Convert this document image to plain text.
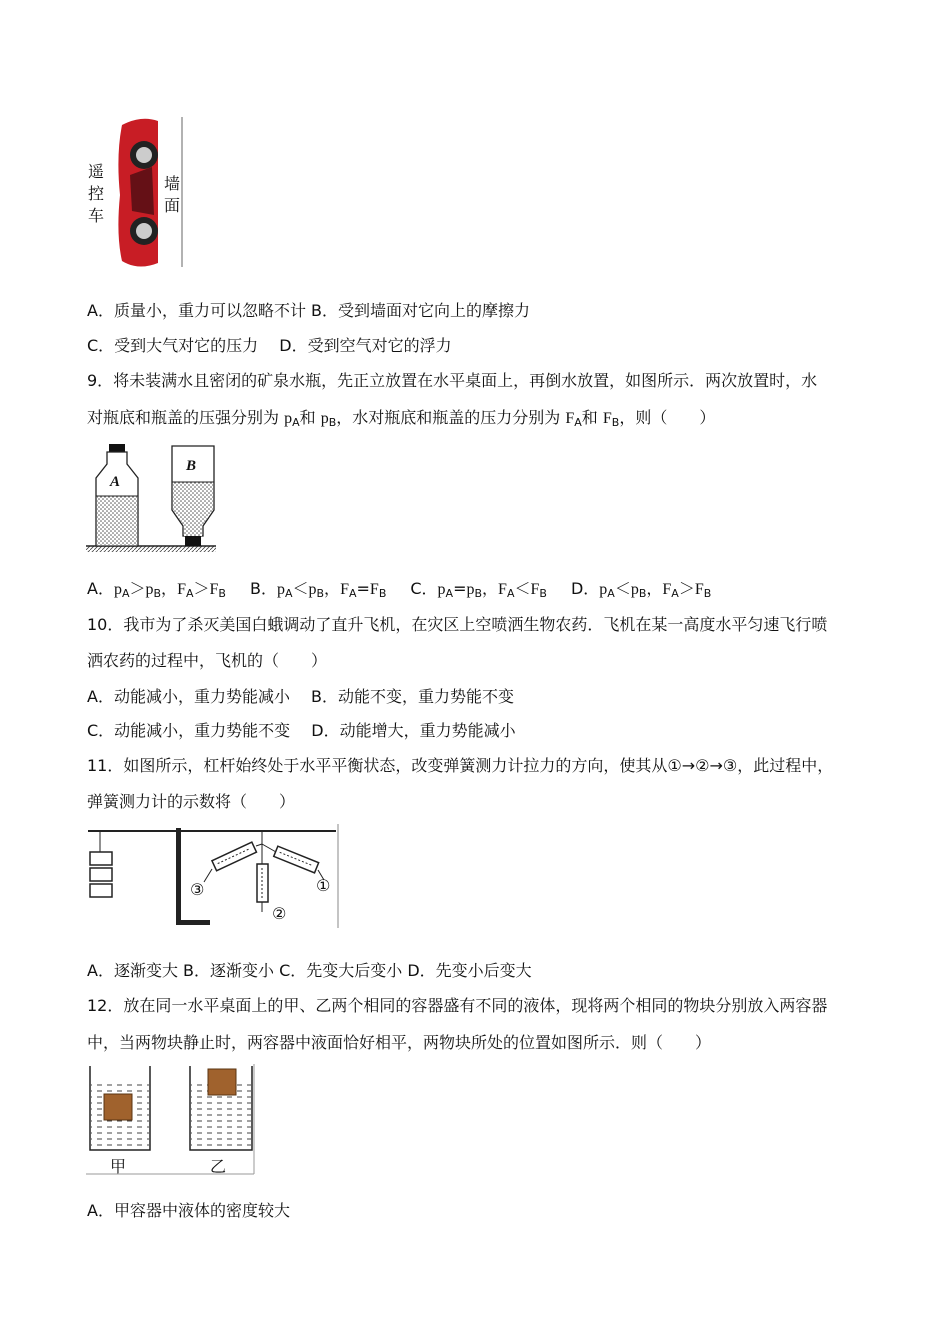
遥控车
墙面
A．质量小，重力可以忽略不计 B．受到墙面对它向上的摩擦力
C．受到大气对它的压力　 D．受到空气对它的浮力
9．将未装满水且密闭的矿泉水瓶，先正立放置在水平桌面上，再倒水放置，如图所示．两次放置时，水
对瓶底和瓶盖的压强分别为 $p_A$和 $p_B$，水对瓶底和瓶盖的压力分别为 $F_A$和 $F_B$，则（　　）
A
B
A．$p_A>p_B$，$F_A>F_B$ B．$p_A<p_B$，$F_A=F_B$ C．$p_A=p_B$，$F_A<F_B$ D．$p_A<p_B$，$F_A>F_B$
10．我市为了杀灭美国白蛾调动了直升飞机，在灾区上空喷洒生物农药．飞机在某一高度水平匀速飞行喷
洒农药的过程中，飞机的（　　）
A．动能减小，重力势能减小　 B．动能不变，重力势能不变
C．动能减小，重力势能不变　 D．动能增大，重力势能减小
11．如图所示，杠杆始终处于水平平衡状态，改变弹簧测力计拉力的方向，使其从①→②→③，此过程中，
弹簧测力计的示数将（　　）
③
②
①
A．逐渐变大 B．逐渐变小 C．先变大后变小 D．先变小后变大
12．放在同一水平桌面上的甲、乙两个相同的容器盛有不同的液体，现将两个相同的物块分别放入两容器
中，当两物块静止时，两容器中液面恰好相平，两物块所处的位置如图所示．则（　　）
甲	乙
A．甲容器中液体的密度较大
